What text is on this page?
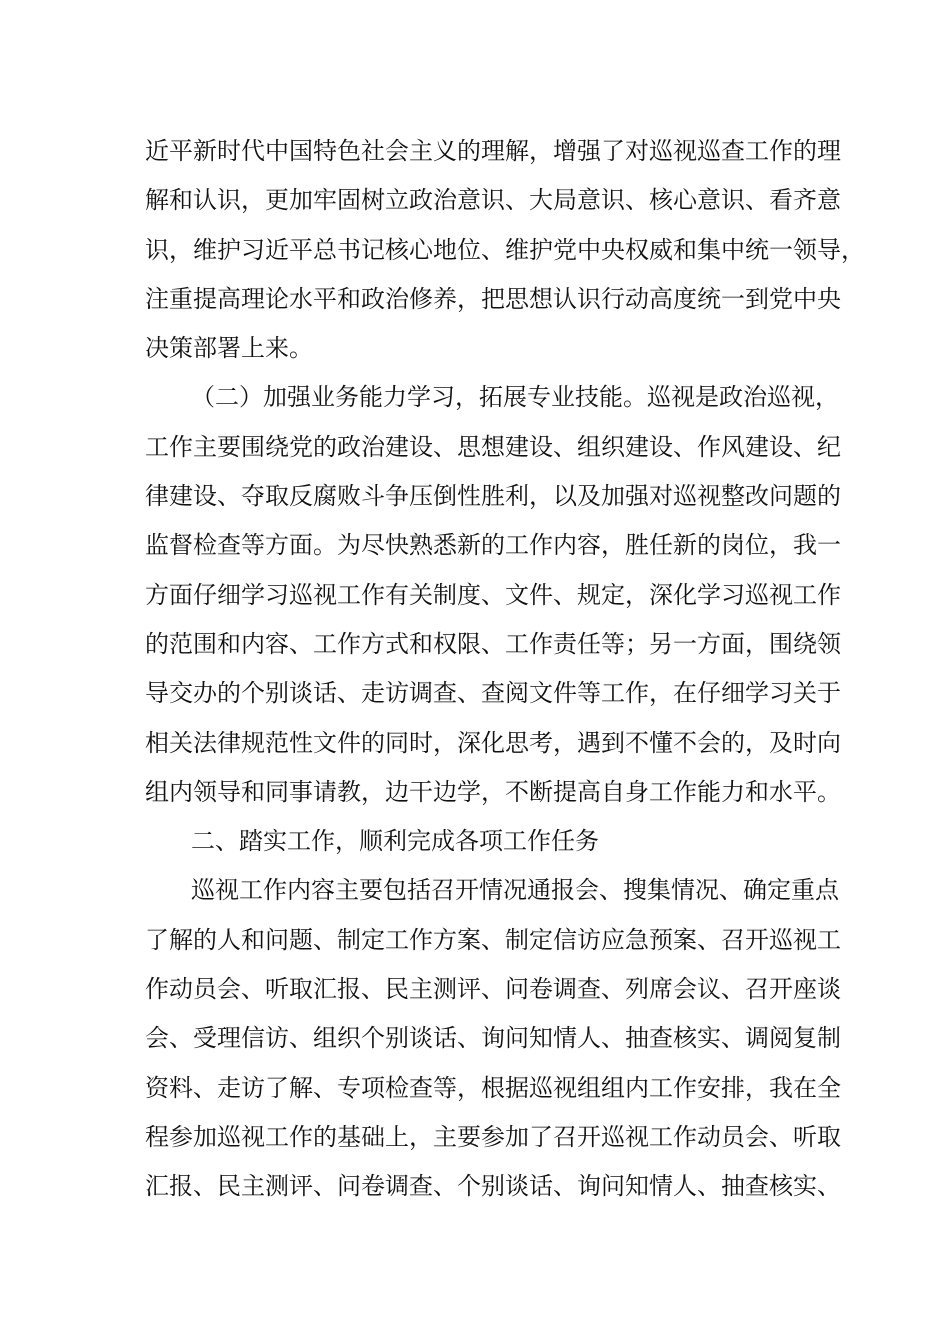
近平新时代中国特色社会主义的理解，增强了对巡视巡查工作的理
解和认识，更加牢固树立政治意识、大局意识、核心意识、看齐意
识，维护习近平总书记核心地位、维护党中央权威和集中统一领导，
注重提高理论水平和政治修养，把思想认识行动高度统一到党中央
决策部署上来。
（二）加强业务能力学习，拓展专业技能。巡视是政治巡视，
工作主要围绕党的政治建设、思想建设、组织建设、作风建设、纪
律建设、夺取反腐败斗争压倒性胜利，以及加强对巡视整改问题的
监督检查等方面。为尽快熟悉新的工作内容，胜任新的岗位，我一
方面仔细学习巡视工作有关制度、文件、规定，深化学习巡视工作
的范围和内容、工作方式和权限、工作责任等；另一方面，围绕领
导交办的个别谈话、走访调查、查阅文件等工作，在仔细学习关于
相关法律规范性文件的同时，深化思考，遇到不懂不会的，及时向
组内领导和同事请教，边干边学，不断提高自身工作能力和水平。
二、踏实工作，顺利完成各项工作任务
巡视工作内容主要包括召开情况通报会、搜集情况、确定重点
了解的人和问题、制定工作方案、制定信访应急预案、召开巡视工
作动员会、听取汇报、民主测评、问卷调查、列席会议、召开座谈
会、受理信访、组织个别谈话、询问知情人、抽查核实、调阅复制
资料、走访了解、专项检查等，根据巡视组组内工作安排，我在全
程参加巡视工作的基础上，主要参加了召开巡视工作动员会、听取
汇报、民主测评、问卷调查、个别谈话、询问知情人、抽查核实、
